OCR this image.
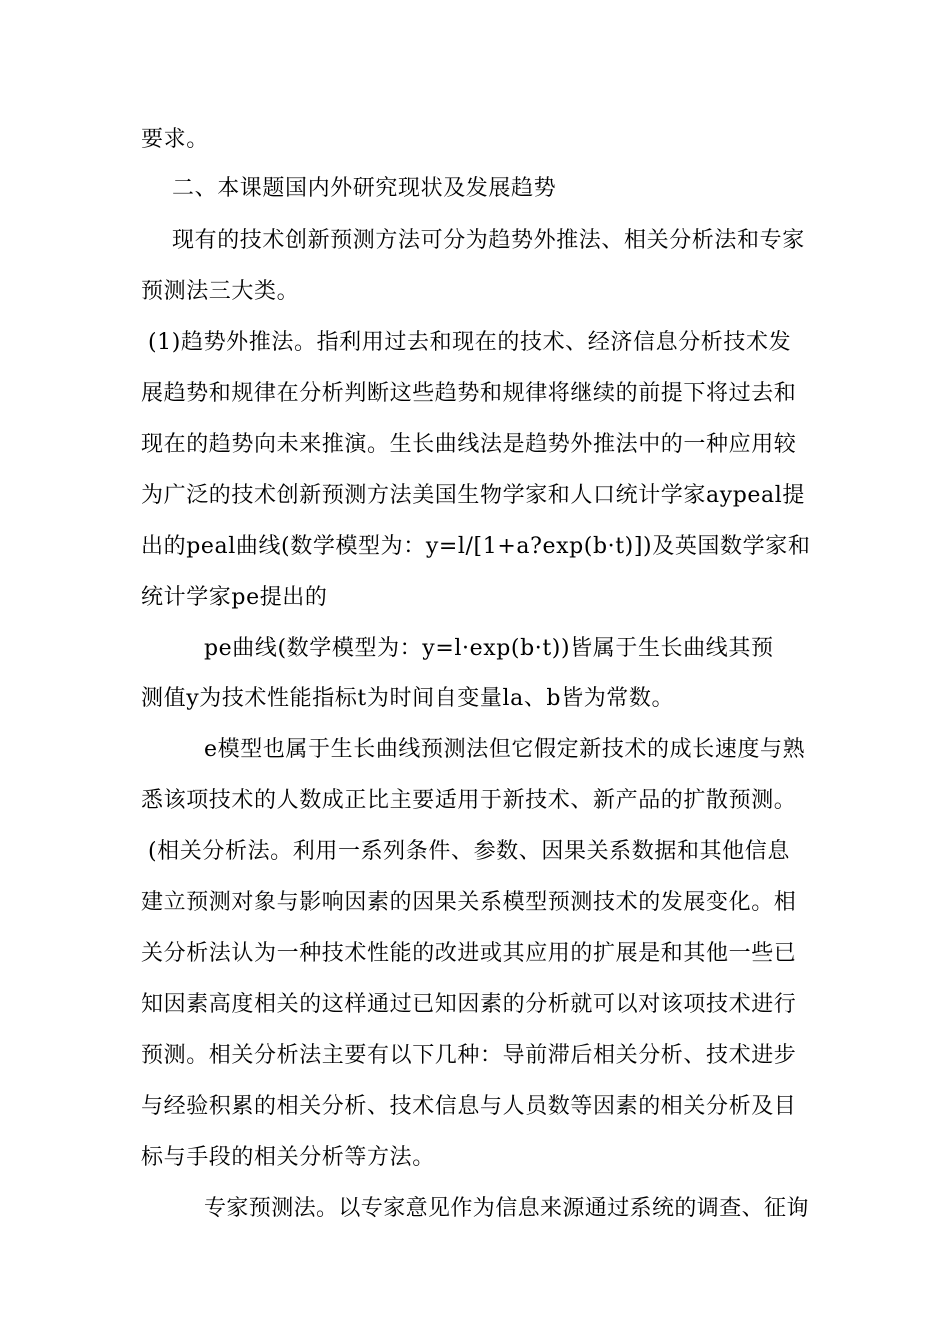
要求。
二、本课题国内外研究现状及发展趋势
现有的技术创新预测方法可分为趋势外推法、相关分析法和专家
预测法三大类。
(1)趋势外推法。指利用过去和现在的技术、经济信息分析技术发
展趋势和规律在分析判断这些趋势和规律将继续的前提下将过去和
现在的趋势向未来推演。生长曲线法是趋势外推法中的一种应用较
为广泛的技术创新预测方法美国生物学家和人口统计学家aypeal提
出的peal曲线(数学模型为：y=l/[1+a?exp(b·t)])及英国数学家和
统计学家pe提出的
pe曲线(数学模型为：y=l·exp(b·t))皆属于生长曲线其预
测值y为技术性能指标t为时间自变量la、b皆为常数。
e模型也属于生长曲线预测法但它假定新技术的成长速度与熟
悉该项技术的人数成正比主要适用于新技术、新产品的扩散预测。
(相关分析法。利用一系列条件、参数、因果关系数据和其他信息
建立预测对象与影响因素的因果关系模型预测技术的发展变化。相
关分析法认为一种技术性能的改进或其应用的扩展是和其他一些已
知因素高度相关的这样通过已知因素的分析就可以对该项技术进行
预测。相关分析法主要有以下几种：导前滞后相关分析、技术进步
与经验积累的相关分析、技术信息与人员数等因素的相关分析及目
标与手段的相关分析等方法。
专家预测法。以专家意见作为信息来源通过系统的调查、征询
